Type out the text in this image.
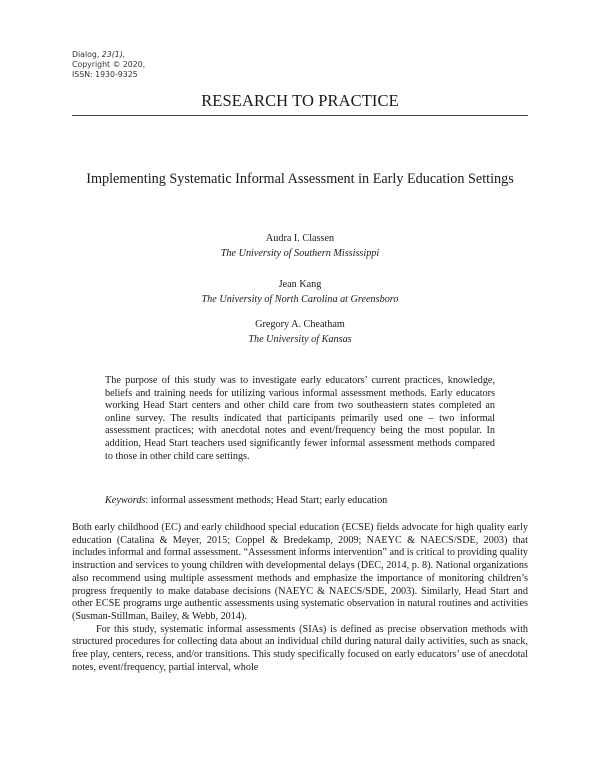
Dialog, 23(1),
Copyright © 2020,
ISSN: 1930-9325
RESEARCH TO PRACTICE
Implementing Systematic Informal Assessment in Early Education Settings
Audra I. Classen
The University of Southern Mississippi
Jean Kang
The University of North Carolina at Greensboro
Gregory A. Cheatham
The University of Kansas
The purpose of this study was to investigate early educators’ current practices, knowledge, beliefs and training needs for utilizing various informal assessment methods. Early educators working Head Start centers and other child care from two southeastern states completed an online survey. The results indicated that participants primarily used one – two informal assessment practices; with anecdotal notes and event/frequency being the most popular. In addition, Head Start teachers used significantly fewer informal assessment methods compared to those in other child care settings.
Keywords: informal assessment methods; Head Start; early education

Both early childhood (EC) and early childhood special education (ECSE) fields advocate for high quality early education (Catalina & Meyer, 2015; Coppel & Bredekamp, 2009; NAEYC & NAECS/SDE, 2003) that includes informal and formal assessment. “Assessment informs intervention” and is critical to providing quality instruction and services to young children with developmental delays (DEC, 2014, p. 8). National organizations also recommend using multiple assessment methods and emphasize the importance of monitoring children’s progress frequently to make database decisions (NAEYC & NAECS/SDE, 2003). Similarly, Head Start and other ECSE programs urge authentic assessments using systematic observation in natural routines and activities (Susman-Stillman, Bailey, & Webb, 2014).

For this study, systematic informal assessments (SIAs) is defined as precise observation methods with structured procedures for collecting data about an individual child during natural daily activities, such as snack, free play, centers, recess, and/or transitions. This study specifically focused on early educators’ use of anecdotal notes, event/frequency, partial interval, whole
